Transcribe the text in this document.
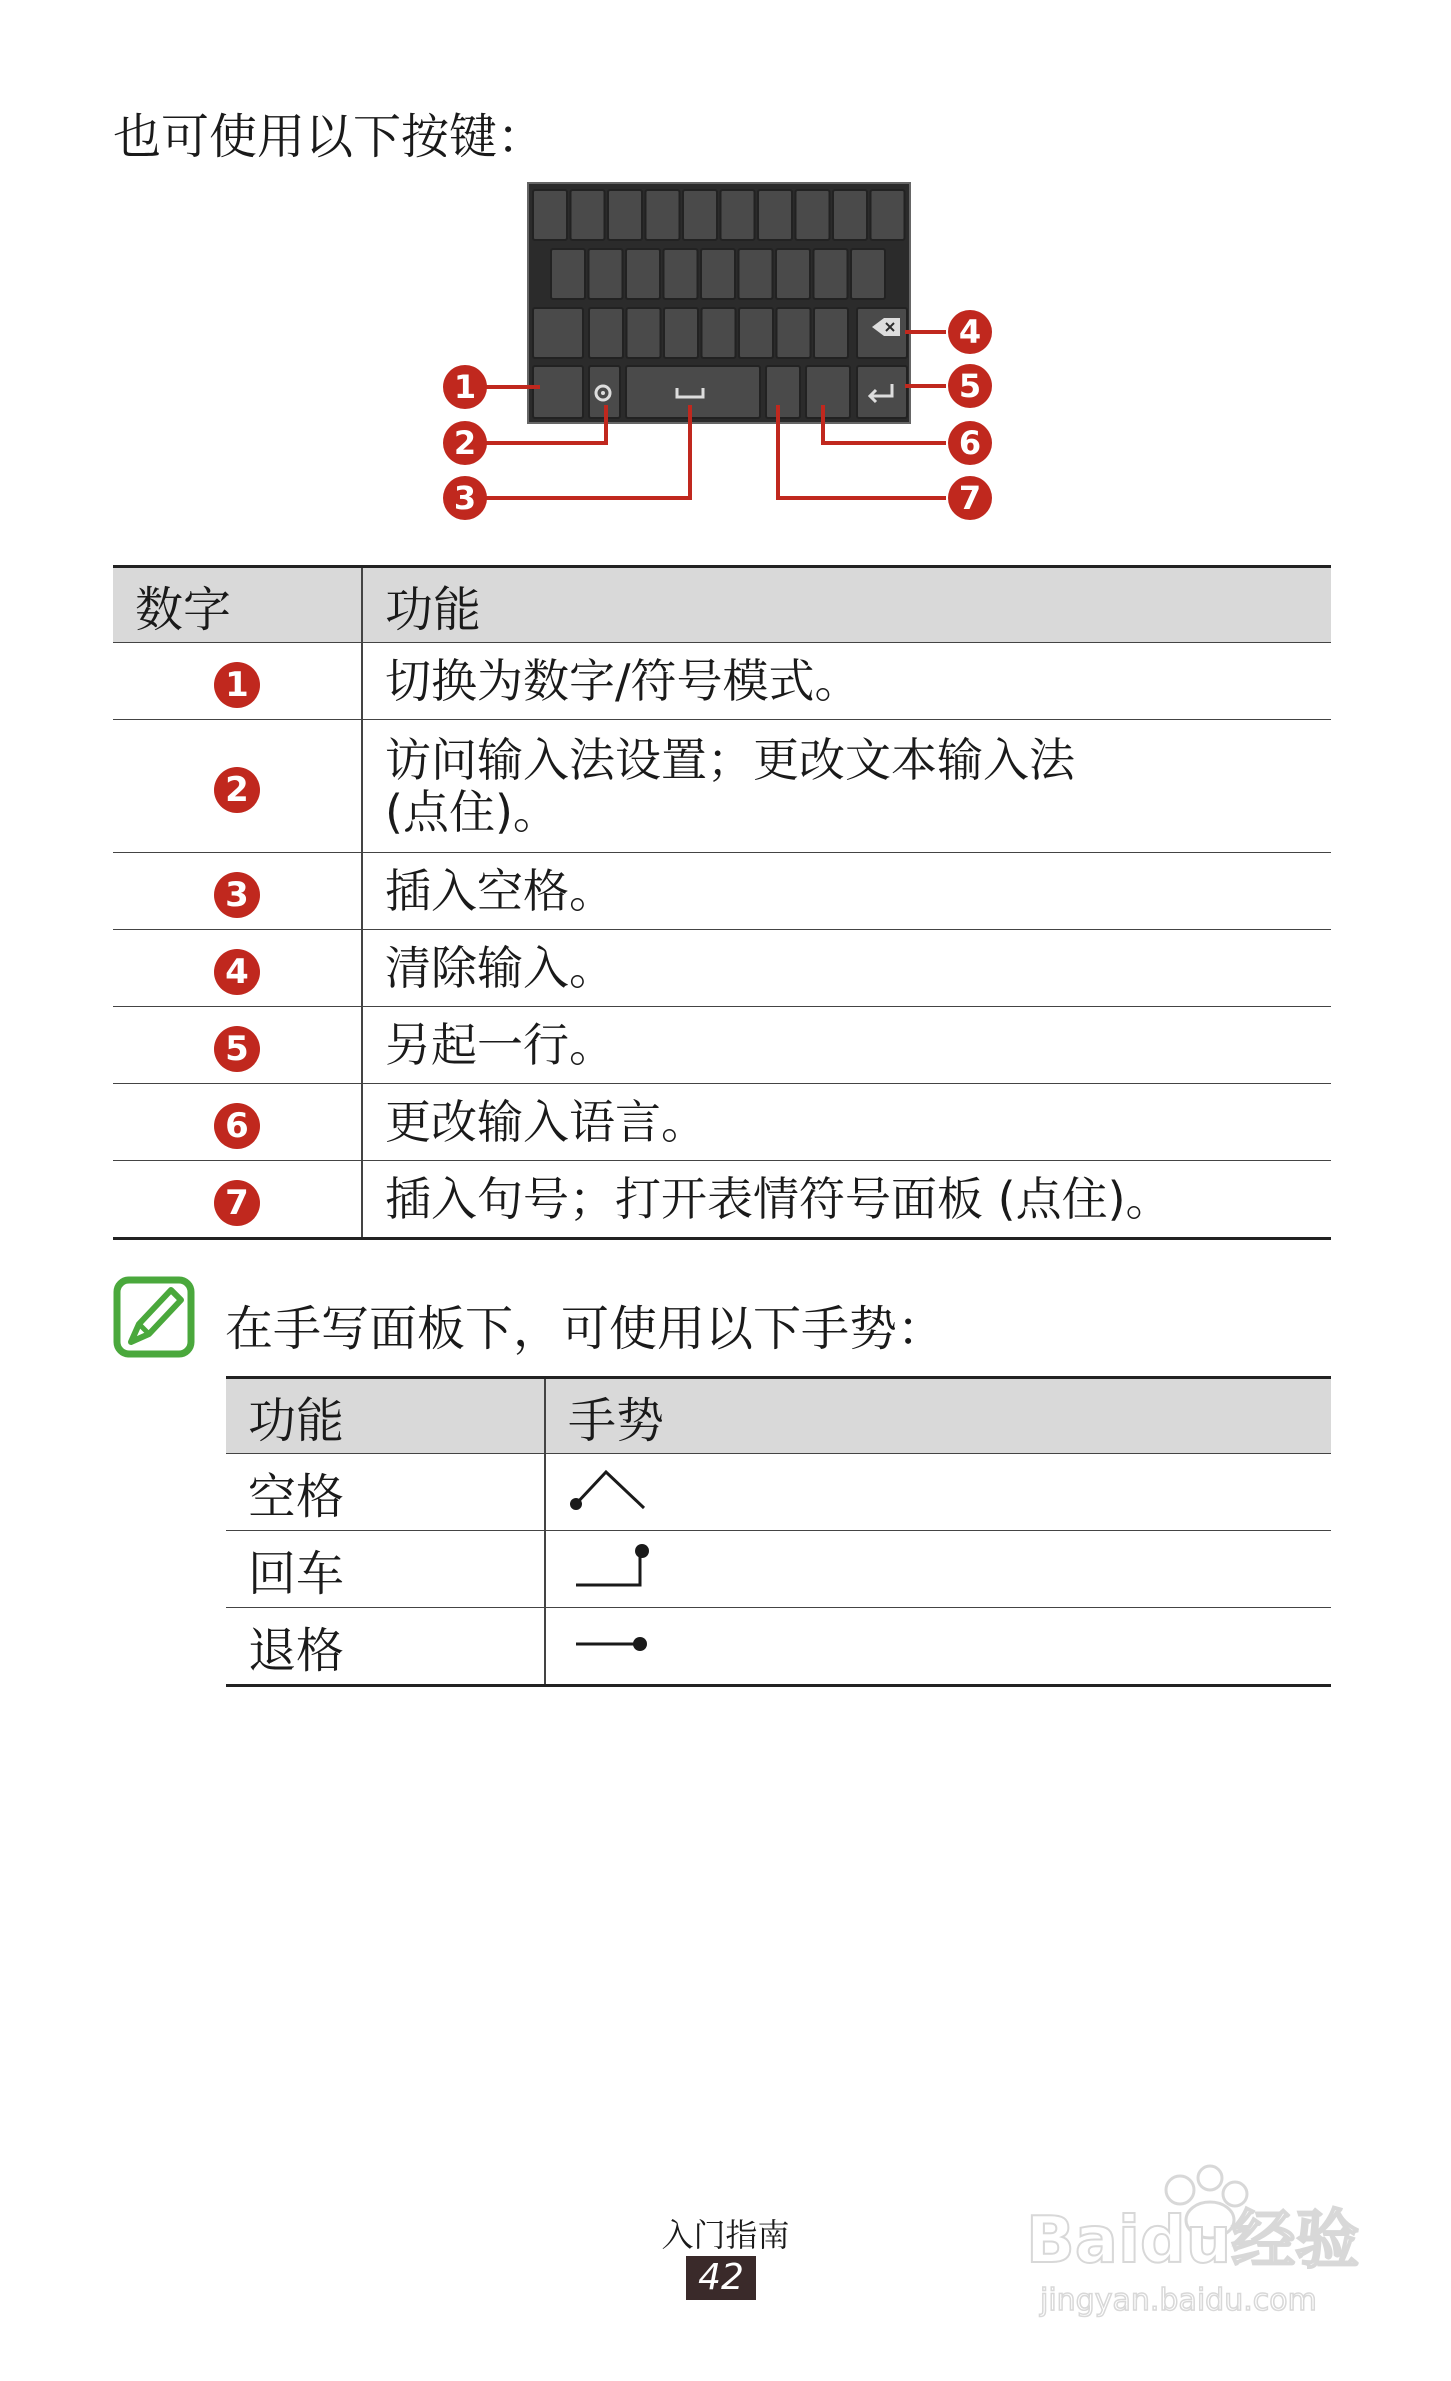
也可使用以下按键：
1
2
3
4
5
6
7
数字	功能
1	切换为数字/符号模式。
2	访问输入法设置；更改文本输入法
(点住)。

3	插入空格。
4	清除输入。
5	另起一行。
6	更改输入语言。
7	插入句号；打开表情符号面板 (点住)。
在手写面板下，可使用以下手势：
功能	手势
空格	
回车	
退格	
入门指南
42	Baidu经验
jingyan.baidu.com
